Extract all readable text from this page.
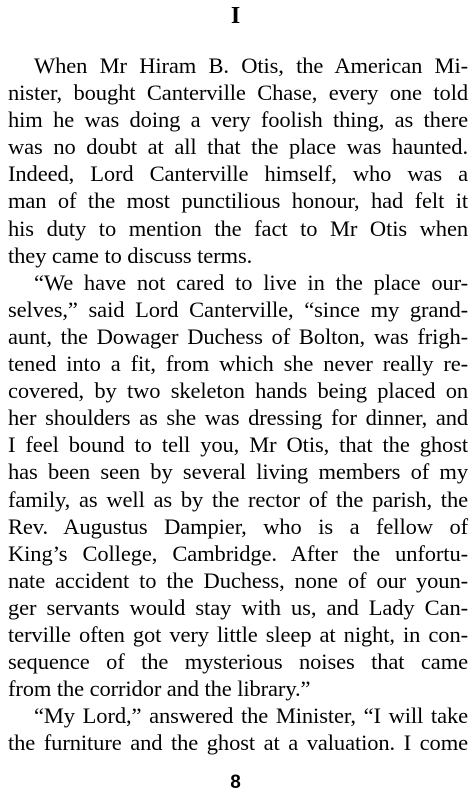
I
When Mr Hiram B. Otis, the American Mi-
nister, bought Canterville Chase, every one told
him he was doing a very foolish thing, as there
was no doubt at all that the place was haunted.
Indeed, Lord Canterville himself, who was a
man of the most punctilious honour, had felt it
his duty to mention the fact to Mr Otis when
they came to discuss terms.
“We have not cared to live in the place our-
selves,” said Lord Canterville, “since my grand-
aunt, the Dowager Duchess of Bolton, was frigh-
tened into a fit, from which she never really re-
covered, by two skeleton hands being placed on
her shoulders as she was dressing for dinner, and
I feel bound to tell you, Mr Otis, that the ghost
has been seen by several living members of my
family, as well as by the rector of the parish, the
Rev. Augustus Dampier, who is a fellow of
King’s College, Cambridge. After the unfortu-
nate accident to the Duchess, none of our youn-
ger servants would stay with us, and Lady Can-
terville often got very little sleep at night, in con-
sequence of the mysterious noises that came
from the corridor and the library.”
“My Lord,” answered the Minister, “I will take
the furniture and the ghost at a valuation. I come
8
